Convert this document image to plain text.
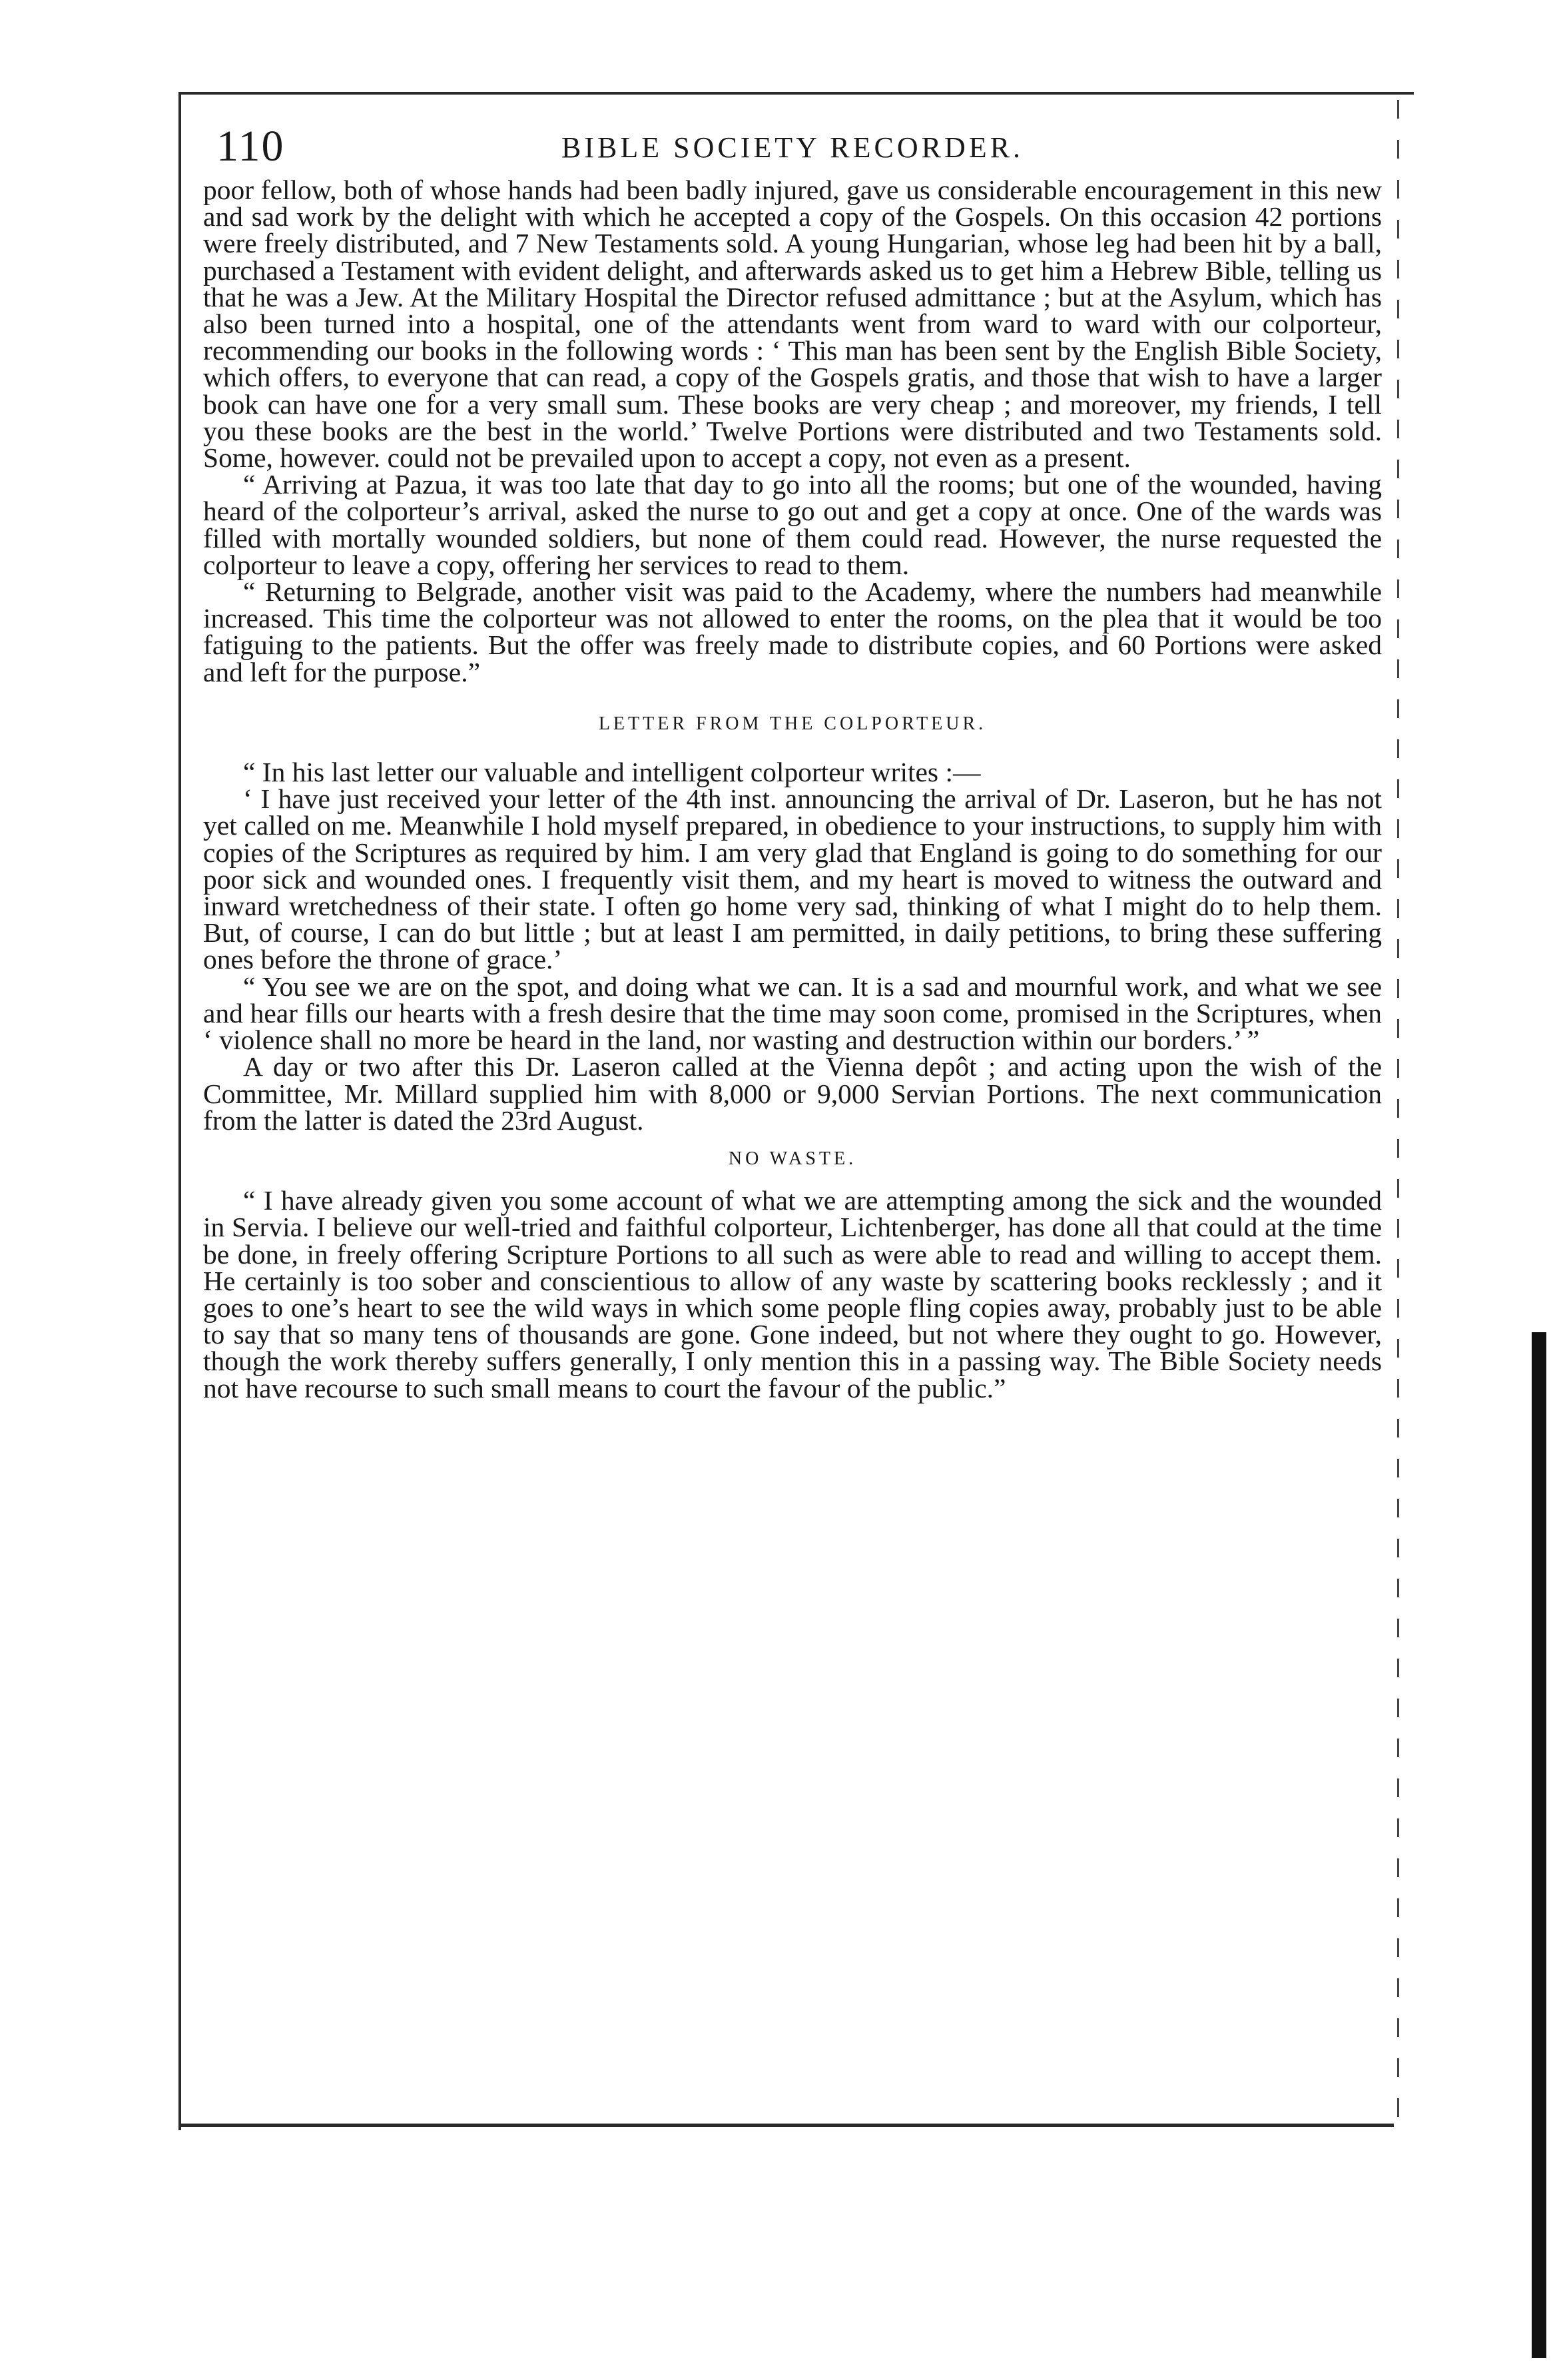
110	BIBLE SOCIETY RECORDER.

poor fellow, both of whose hands had been badly injured, gave us considerable encouragement in this new and sad work by the delight with which he accepted a copy of the Gospels. On this occasion 42 portions were freely distributed, and 7 New Testaments sold. A young Hungarian, whose leg had been hit by a ball, purchased a Testament with evident delight, and afterwards asked us to get him a Hebrew Bible, telling us that he was a Jew. At the Military Hospital the Director refused admittance ; but at the Asylum, which has also been turned into a hospital, one of the attendants went from ward to ward with our colporteur, recommending our books in the following words : ‘ This man has been sent by the English Bible Society, which offers, to everyone that can read, a copy of the Gospels gratis, and those that wish to have a larger book can have one for a very small sum. These books are very cheap ; and moreover, my friends, I tell you these books are the best in the world.’ Twelve Portions were distributed and two Testaments sold. Some, however. could not be prevailed upon to accept a copy, not even as a present.

“ Arriving at Pazua, it was too late that day to go into all the rooms; but one of the wounded, having heard of the colporteur’s arrival, asked the nurse to go out and get a copy at once. One of the wards was filled with mortally wounded soldiers, but none of them could read. However, the nurse requested the colporteur to leave a copy, offering her services to read to them.

“ Returning to Belgrade, another visit was paid to the Academy, where the numbers had meanwhile increased. This time the colporteur was not allowed to enter the rooms, on the plea that it would be too fatiguing to the patients. But the offer was freely made to distribute copies, and 60 Portions were asked and left for the purpose.”

LETTER FROM THE COLPORTEUR.

“ In his last letter our valuable and intelligent colporteur writes :—

‘ I have just received your letter of the 4th inst. announcing the arrival of Dr. Laseron, but he has not yet called on me. Meanwhile I hold myself prepared, in obedience to your instructions, to supply him with copies of the Scriptures as required by him. I am very glad that England is going to do something for our poor sick and wounded ones. I frequently visit them, and my heart is moved to witness the outward and inward wretchedness of their state. I often go home very sad, thinking of what I might do to help them. But, of course, I can do but little ; but at least I am permitted, in daily petitions, to bring these suffering ones before the throne of grace.’

“ You see we are on the spot, and doing what we can. It is a sad and mournful work, and what we see and hear fills our hearts with a fresh desire that the time may soon come, promised in the Scriptures, when ‘ violence shall no more be heard in the land, nor wasting and destruction within our borders.’ ”

A day or two after this Dr. Laseron called at the Vienna depôt ; and acting upon the wish of the Committee, Mr. Millard supplied him with 8,000 or 9,000 Servian Portions. The next communication from the latter is dated the 23rd August.

NO WASTE.

“ I have already given you some account of what we are attempting among the sick and the wounded in Servia. I believe our well-tried and faithful colporteur, Lichtenberger, has done all that could at the time be done, in freely offering Scripture Portions to all such as were able to read and willing to accept them. He certainly is too sober and conscientious to allow of any waste by scattering books recklessly ; and it goes to one’s heart to see the wild ways in which some people fling copies away, probably just to be able to say that so many tens of thousands are gone. Gone indeed, but not where they ought to go. However, though the work thereby suffers generally, I only mention this in a passing way. The Bible Society needs not have recourse to such small means to court the favour of the public.”
